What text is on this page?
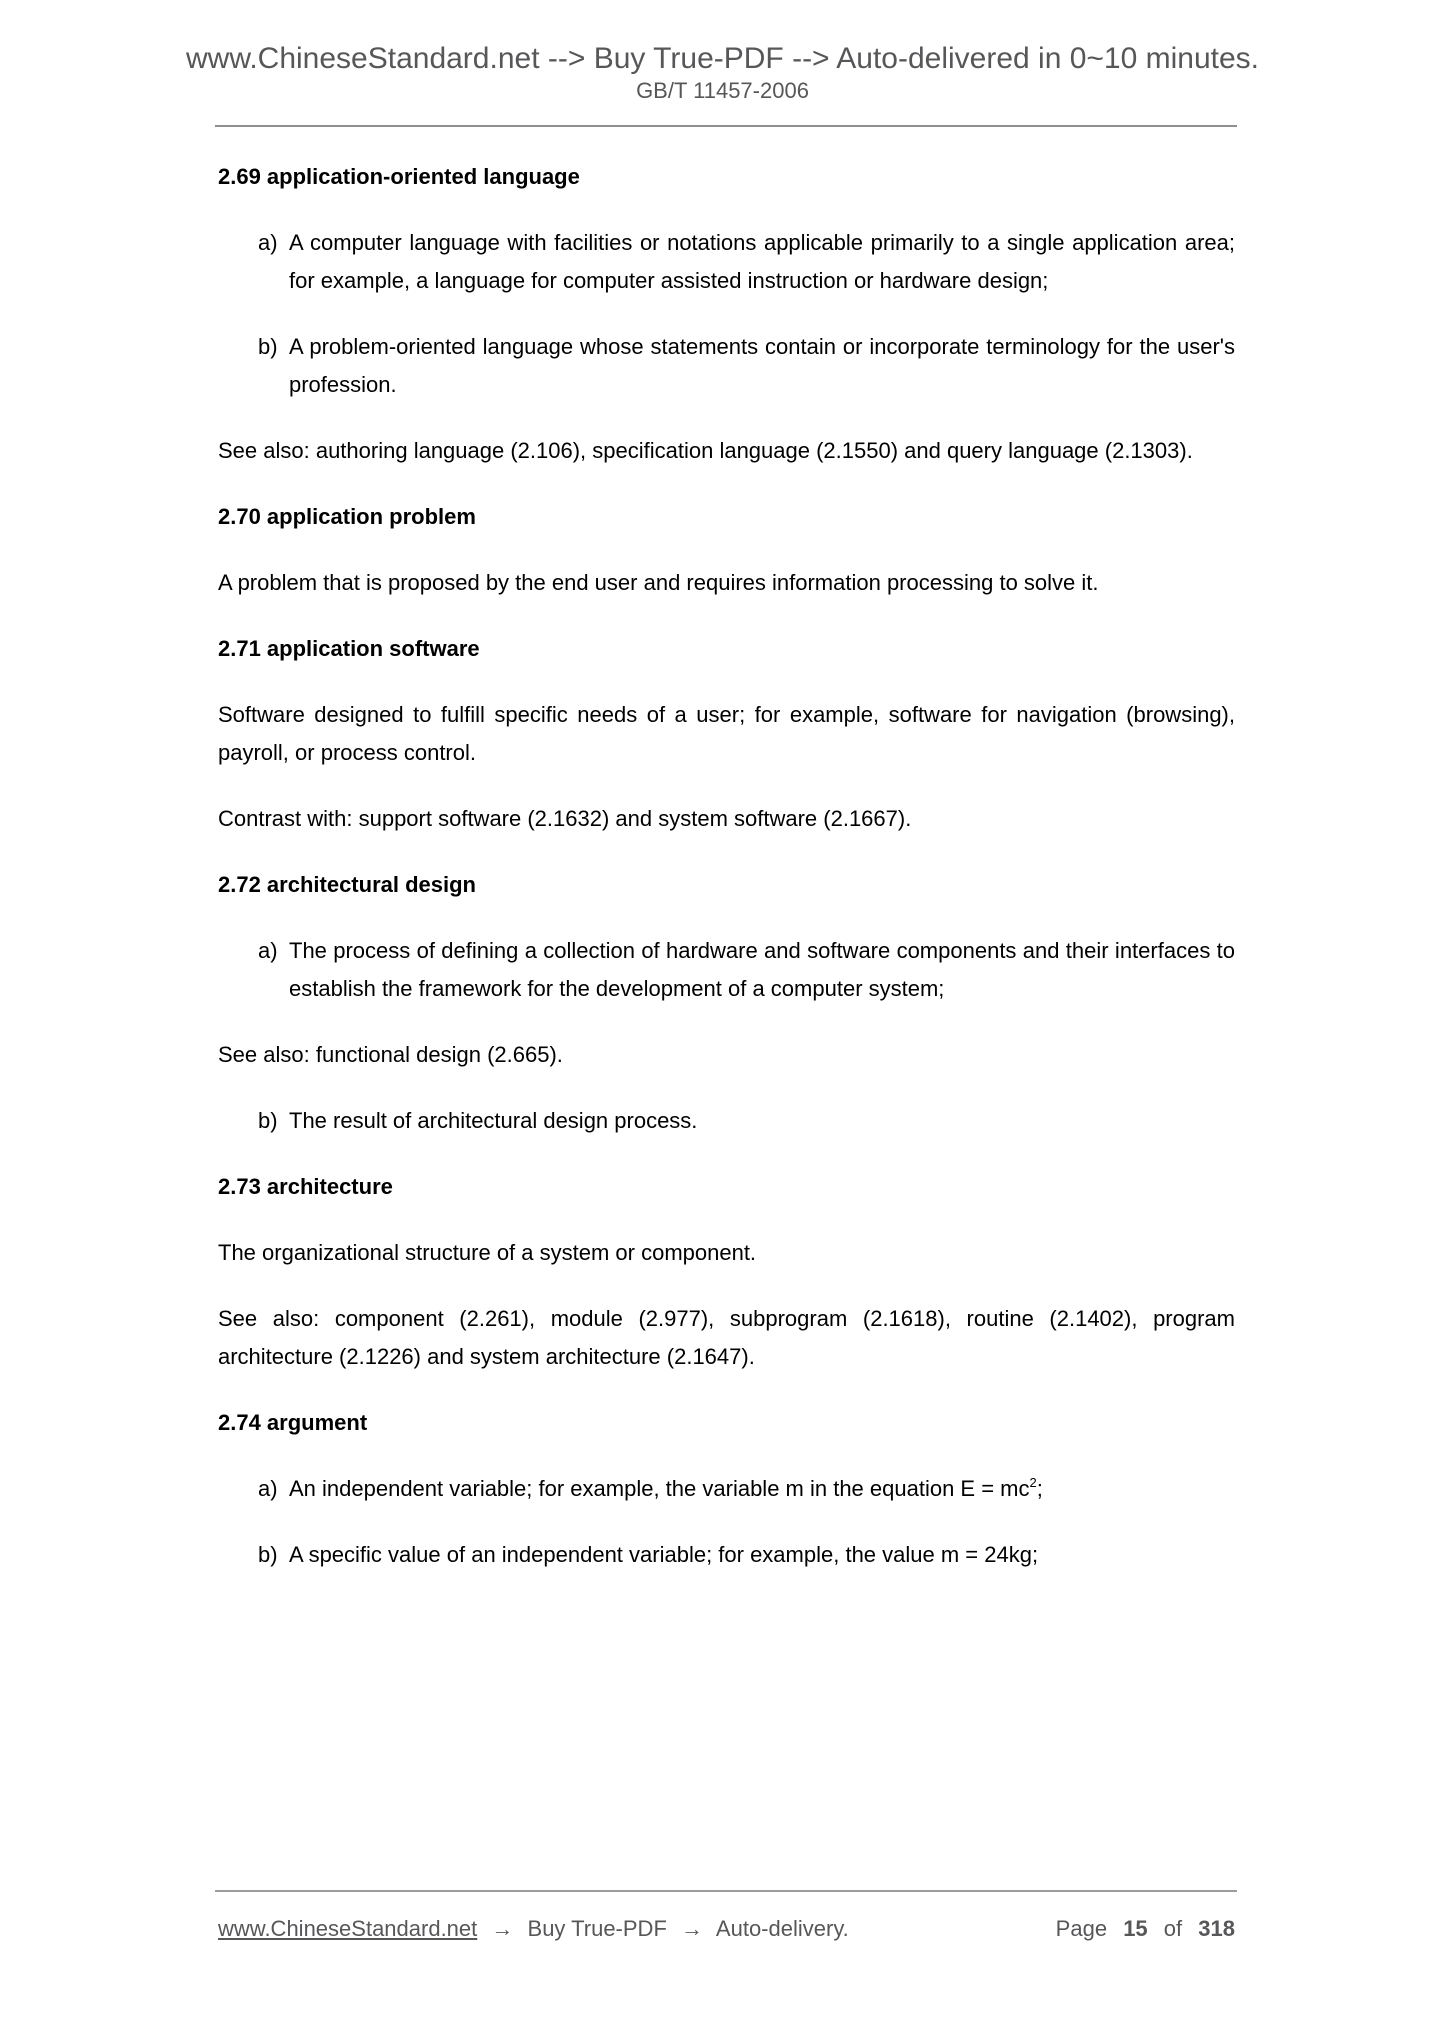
www.ChineseStandard.net --> Buy True-PDF --> Auto-delivered in 0~10 minutes.
GB/T 11457-2006
2.69 application-oriented language
a) A computer language with facilities or notations applicable primarily to a single application area; for example, a language for computer assisted instruction or hardware design;
b) A problem-oriented language whose statements contain or incorporate terminology for the user's profession.

See also: authoring language (2.106), specification language (2.1550) and query language (2.1303).

2.70 application problem

A problem that is proposed by the end user and requires information processing to solve it.

2.71 application software

Software designed to fulfill specific needs of a user; for example, software for navigation (browsing), payroll, or process control.

Contrast with: support software (2.1632) and system software (2.1667).

2.72 architectural design
a) The process of defining a collection of hardware and software components and their interfaces to establish the framework for the development of a computer system;

See also: functional design (2.665).

b) The result of architectural design process.
2.73 architecture

The organizational structure of a system or component.

See also: component (2.261), module (2.977), subprogram (2.1618), routine (2.1402), program architecture (2.1226) and system architecture (2.1647).

2.74 argument
a) An independent variable; for example, the variable m in the equation $E = mc^2$;
b) A specific value of an independent variable; for example, the value m = 24kg;
www.ChineseStandard.net → Buy True-PDF → Auto-delivery.	Page 15 of 318
